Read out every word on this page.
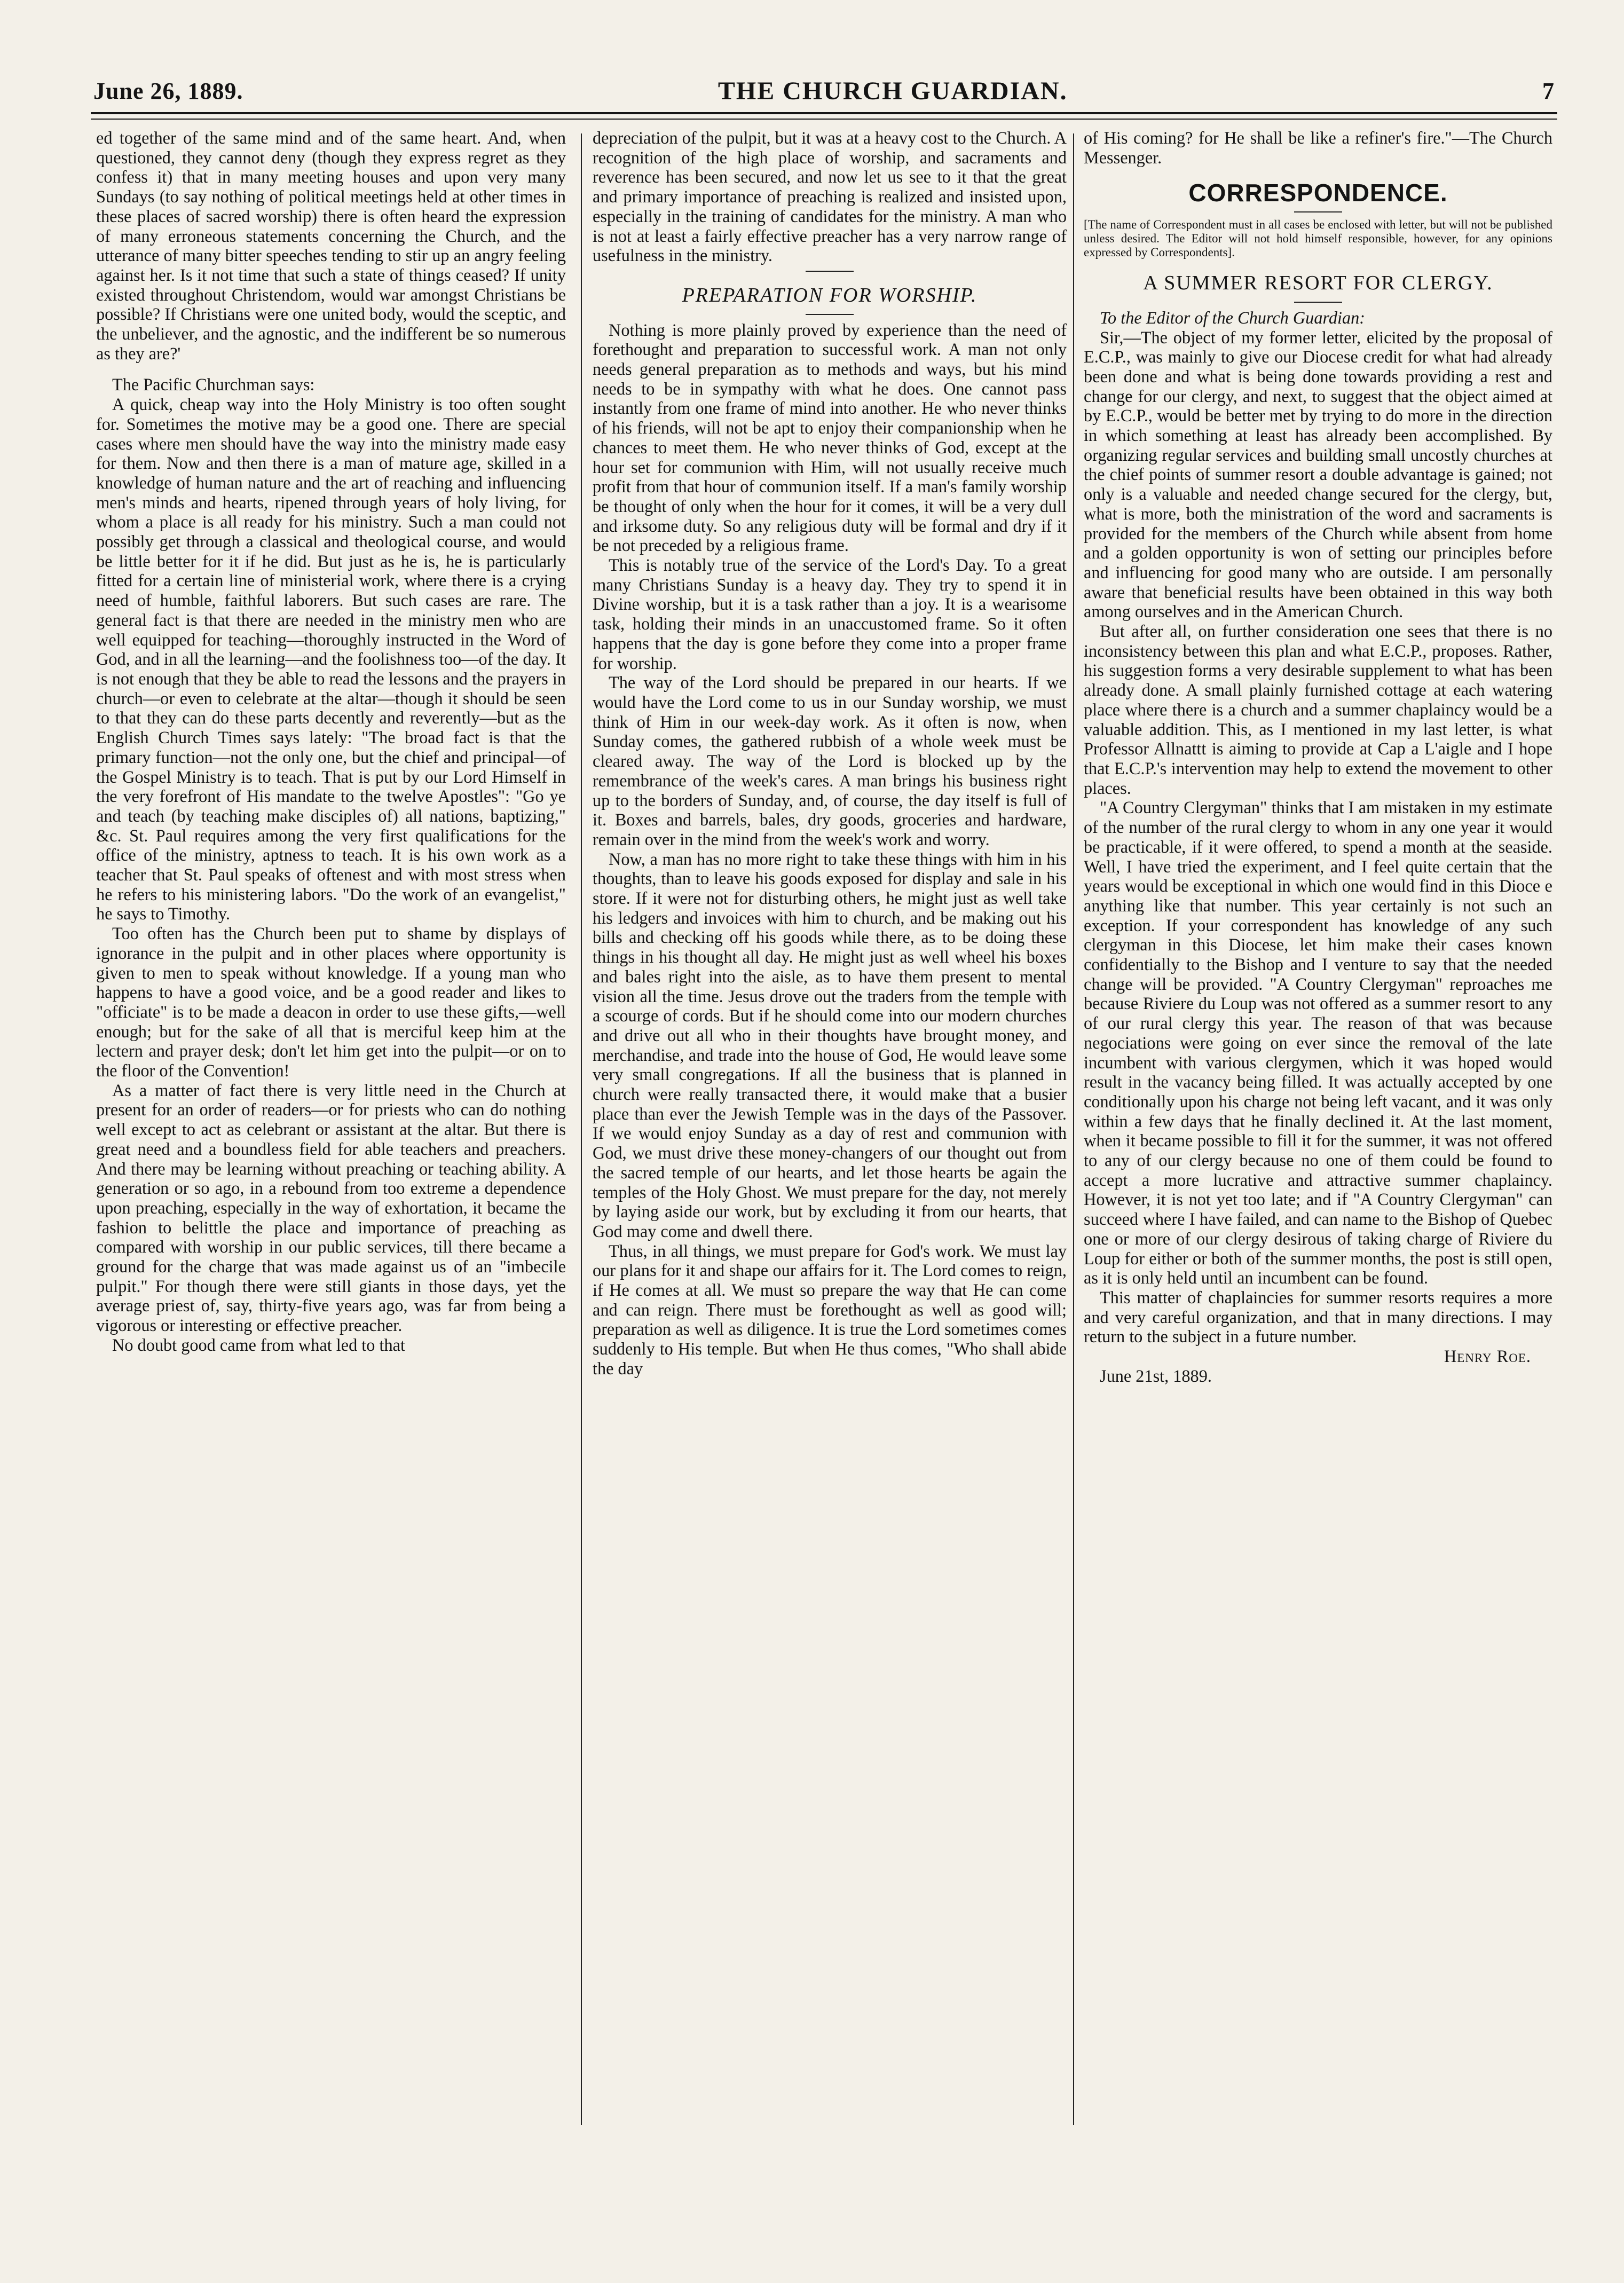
June 26, 1889.	THE CHURCH GUARDIAN.	7

ed together of the same mind and of the same heart. And, when questioned, they cannot deny (though they express regret as they confess it) that in many meeting houses and upon very many Sundays (to say nothing of political meetings held at other times in these places of sacred worship) there is often heard the expression of many erroneous statements concerning the Church, and the utterance of many bitter speeches tending to stir up an angry feeling against her. Is it not time that such a state of things ceased? If unity existed throughout Christendom, would war amongst Christians be possible? If Christians were one united body, would the sceptic, and the unbeliever, and the agnostic, and the indifferent be so numerous as they are?'

The Pacific Churchman says:

A quick, cheap way into the Holy Ministry is too often sought for. Sometimes the motive may be a good one. There are special cases where men should have the way into the ministry made easy for them. Now and then there is a man of mature age, skilled in a knowledge of human nature and the art of reaching and influencing men's minds and hearts, ripened through years of holy living, for whom a place is all ready for his ministry. Such a man could not possibly get through a classical and theological course, and would be little better for it if he did. But just as he is, he is particularly fitted for a certain line of ministerial work, where there is a crying need of humble, faithful laborers. But such cases are rare. The general fact is that there are needed in the ministry men who are well equipped for teaching—thoroughly instructed in the Word of God, and in all the learning—and the foolishness too—of the day. It is not enough that they be able to read the lessons and the prayers in church—or even to celebrate at the altar—though it should be seen to that they can do these parts decently and reverently—but as the English Church Times says lately: "The broad fact is that the primary function—not the only one, but the chief and principal—of the Gospel Ministry is to teach. That is put by our Lord Himself in the very forefront of His mandate to the twelve Apostles": "Go ye and teach (by teaching make disciples of) all nations, baptizing," &c. St. Paul requires among the very first qualifications for the office of the ministry, aptness to teach. It is his own work as a teacher that St. Paul speaks of oftenest and with most stress when he refers to his ministering labors. "Do the work of an evangelist," he says to Timothy.

Too often has the Church been put to shame by displays of ignorance in the pulpit and in other places where opportunity is given to men to speak without knowledge. If a young man who happens to have a good voice, and be a good reader and likes to "officiate" is to be made a deacon in order to use these gifts,—well enough; but for the sake of all that is merciful keep him at the lectern and prayer desk; don't let him get into the pulpit—or on to the floor of the Convention!

As a matter of fact there is very little need in the Church at present for an order of readers—or for priests who can do nothing well except to act as celebrant or assistant at the altar. But there is great need and a boundless field for able teachers and preachers. And there may be learning without preaching or teaching ability. A generation or so ago, in a rebound from too extreme a dependence upon preaching, especially in the way of exhortation, it became the fashion to belittle the place and importance of preaching as compared with worship in our public services, till there became a ground for the charge that was made against us of an "imbecile pulpit." For though there were still giants in those days, yet the average priest of, say, thirty-five years ago, was far from being a vigorous or interesting or effective preacher.

No doubt good came from what led to that

depreciation of the pulpit, but it was at a heavy cost to the Church. A recognition of the high place of worship, and sacraments and reverence has been secured, and now let us see to it that the great and primary importance of preaching is realized and insisted upon, especially in the training of candidates for the ministry. A man who is not at least a fairly effective preacher has a very narrow range of usefulness in the ministry.

PREPARATION FOR WORSHIP.

Nothing is more plainly proved by experience than the need of forethought and preparation to successful work. A man not only needs general preparation as to methods and ways, but his mind needs to be in sympathy with what he does. One cannot pass instantly from one frame of mind into another. He who never thinks of his friends, will not be apt to enjoy their companionship when he chances to meet them. He who never thinks of God, except at the hour set for communion with Him, will not usually receive much profit from that hour of communion itself. If a man's family worship be thought of only when the hour for it comes, it will be a very dull and irksome duty. So any religious duty will be formal and dry if it be not preceded by a religious frame.

This is notably true of the service of the Lord's Day. To a great many Christians Sunday is a heavy day. They try to spend it in Divine worship, but it is a task rather than a joy. It is a wearisome task, holding their minds in an unaccustomed frame. So it often happens that the day is gone before they come into a proper frame for worship.

The way of the Lord should be prepared in our hearts. If we would have the Lord come to us in our Sunday worship, we must think of Him in our week-day work. As it often is now, when Sunday comes, the gathered rubbish of a whole week must be cleared away. The way of the Lord is blocked up by the remembrance of the week's cares. A man brings his business right up to the borders of Sunday, and, of course, the day itself is full of it. Boxes and barrels, bales, dry goods, groceries and hardware, remain over in the mind from the week's work and worry.

Now, a man has no more right to take these things with him in his thoughts, than to leave his goods exposed for display and sale in his store. If it were not for disturbing others, he might just as well take his ledgers and invoices with him to church, and be making out his bills and checking off his goods while there, as to be doing these things in his thought all day. He might just as well wheel his boxes and bales right into the aisle, as to have them present to mental vision all the time. Jesus drove out the traders from the temple with a scourge of cords. But if he should come into our modern churches and drive out all who in their thoughts have brought money, and merchandise, and trade into the house of God, He would leave some very small congregations. If all the business that is planned in church were really transacted there, it would make that a busier place than ever the Jewish Temple was in the days of the Passover. If we would enjoy Sunday as a day of rest and communion with God, we must drive these money-changers of our thought out from the sacred temple of our hearts, and let those hearts be again the temples of the Holy Ghost. We must prepare for the day, not merely by laying aside our work, but by excluding it from our hearts, that God may come and dwell there.

Thus, in all things, we must prepare for God's work. We must lay our plans for it and shape our affairs for it. The Lord comes to reign, if He comes at all. We must so prepare the way that He can come and can reign. There must be forethought as well as good will; preparation as well as diligence. It is true the Lord sometimes comes suddenly to His temple. But when He thus comes, "Who shall abide the day

of His coming? for He shall be like a refiner's fire."—The Church Messenger.

CORRESPONDENCE.

[The name of Correspondent must in all cases be enclosed with letter, but will not be published unless desired. The Editor will not hold himself responsible, however, for any opinions expressed by Correspondents].

A SUMMER RESORT FOR CLERGY.

To the Editor of the Church Guardian:

Sir,—The object of my former letter, elicited by the proposal of E.C.P., was mainly to give our Diocese credit for what had already been done and what is being done towards providing a rest and change for our clergy, and next, to suggest that the object aimed at by E.C.P., would be better met by trying to do more in the direction in which something at least has already been accomplished. By organizing regular services and building small uncostly churches at the chief points of summer resort a double advantage is gained; not only is a valuable and needed change secured for the clergy, but, what is more, both the ministration of the word and sacraments is provided for the members of the Church while absent from home and a golden opportunity is won of setting our principles before and influencing for good many who are outside. I am personally aware that beneficial results have been obtained in this way both among ourselves and in the American Church.

But after all, on further consideration one sees that there is no inconsistency between this plan and what E.C.P., proposes. Rather, his suggestion forms a very desirable supplement to what has been already done. A small plainly furnished cottage at each watering place where there is a church and a summer chaplaincy would be a valuable addition. This, as I mentioned in my last letter, is what Professor Allnattt is aiming to provide at Cap a L'aigle and I hope that E.C.P.'s intervention may help to extend the movement to other places.

"A Country Clergyman" thinks that I am mistaken in my estimate of the number of the rural clergy to whom in any one year it would be practicable, if it were offered, to spend a month at the seaside. Well, I have tried the experiment, and I feel quite certain that the years would be exceptional in which one would find in this Dioce e anything like that number. This year certainly is not such an exception. If your correspondent has knowledge of any such clergyman in this Diocese, let him make their cases known confidentially to the Bishop and I venture to say that the needed change will be provided. "A Country Clergyman" reproaches me because Riviere du Loup was not offered as a summer resort to any of our rural clergy this year. The reason of that was because negociations were going on ever since the removal of the late incumbent with various clergymen, which it was hoped would result in the vacancy being filled. It was actually accepted by one conditionally upon his charge not being left vacant, and it was only within a few days that he finally declined it. At the last moment, when it became possible to fill it for the summer, it was not offered to any of our clergy because no one of them could be found to accept a more lucrative and attractive summer chaplaincy. However, it is not yet too late; and if "A Country Clergyman" can succeed where I have failed, and can name to the Bishop of Quebec one or more of our clergy desirous of taking charge of Riviere du Loup for either or both of the summer months, the post is still open, as it is only held until an incumbent can be found.

This matter of chaplaincies for summer resorts requires a more and very careful organization, and that in many directions. I may return to the subject in a future number.

Henry Roe.

June 21st, 1889.
